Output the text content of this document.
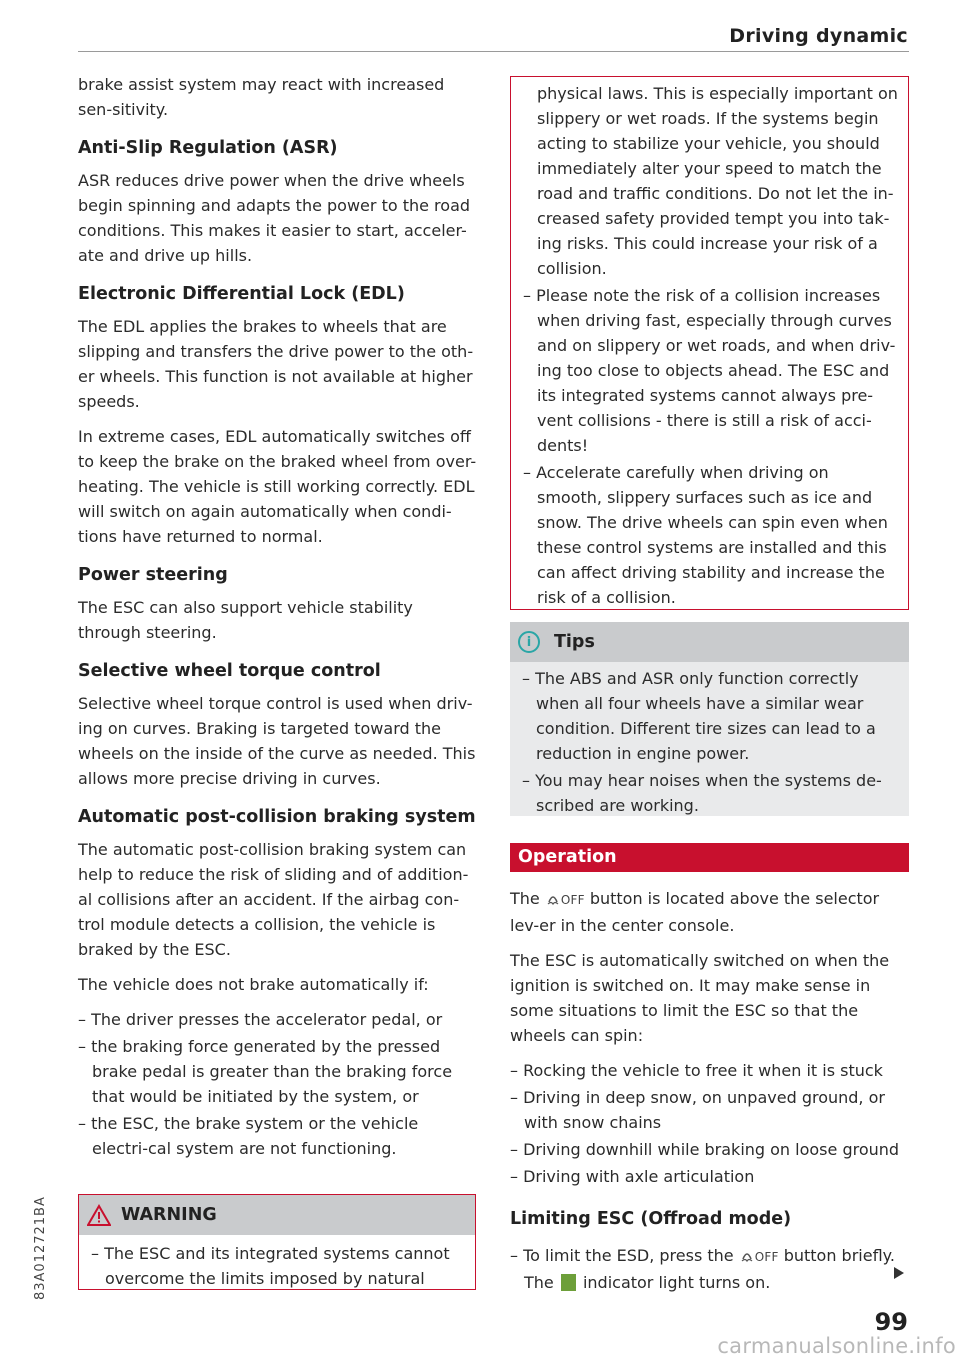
Driving dynamic

brake assist system may react with increased sen-sitivity.

Anti-Slip Regulation (ASR)

ASR reduces drive power when the drive wheels begin spinning and adapts the power to the road conditions. This makes it easier to start, acceler-ate and drive up hills.

Electronic Differential Lock (EDL)

The EDL applies the brakes to wheels that are slipping and transfers the drive power to the oth-er wheels. This function is not available at higher speeds.

In extreme cases, EDL automatically switches off to keep the brake on the braked wheel from over-heating. The vehicle is still working correctly. EDL will switch on again automatically when condi-tions have returned to normal.

Power steering

The ESC can also support vehicle stability through steering.

Selective wheel torque control

Selective wheel torque control is used when driv-ing on curves. Braking is targeted toward the wheels on the inside of the curve as needed. This allows more precise driving in curves.

Automatic post-collision braking system

The automatic post-collision braking system can help to reduce the risk of sliding and of addition-al collisions after an accident. If the airbag con-trol module detects a collision, the vehicle is braked by the ESC.

The vehicle does not brake automatically if:

– The driver presses the accelerator pedal, or
– the braking force generated by the pressed brake pedal is greater than the braking force that would be initiated by the system, or
– the ESC, the brake system or the vehicle electri-cal system are not functioning.
WARNING
– The ESC and its integrated systems cannot overcome the limits imposed by natural
physical laws. This is especially important on slippery or wet roads. If the systems begin acting to stabilize your vehicle, you should immediately alter your speed to match the road and traffic conditions. Do not let the in-creased safety provided tempt you into tak-ing risks. This could increase your risk of a collision.
– Please note the risk of a collision increases when driving fast, especially through curves and on slippery or wet roads, and when driv-ing too close to objects ahead. The ESC and its integrated systems cannot always pre-vent collisions - there is still a risk of acci-dents!
– Accelerate carefully when driving on smooth, slippery surfaces such as ice and snow. The drive wheels can spin even when these control systems are installed and this can affect driving stability and increase the risk of a collision.
i	Tips
– The ABS and ASR only function correctly when all four wheels have a similar wear condition. Different tire sizes can lead to a reduction in engine power.
– You may hear noises when the systems de-scribed are working.
Operation

The OFF button is located above the selector lev-er in the center console.

The ESC is automatically switched on when the ignition is switched on. It may make sense in some situations to limit the ESC so that the wheels can spin:

– Rocking the vehicle to free it when it is stuck
– Driving in deep snow, on unpaved ground, or with snow chains
– Driving downhill while braking on loose ground
– Driving with axle articulation
Limiting ESC (Offroad mode)
– To limit the ESD, press the OFF button briefly.
The indicator light turns on.
99
83A012721BA
carmanualsonline.info
